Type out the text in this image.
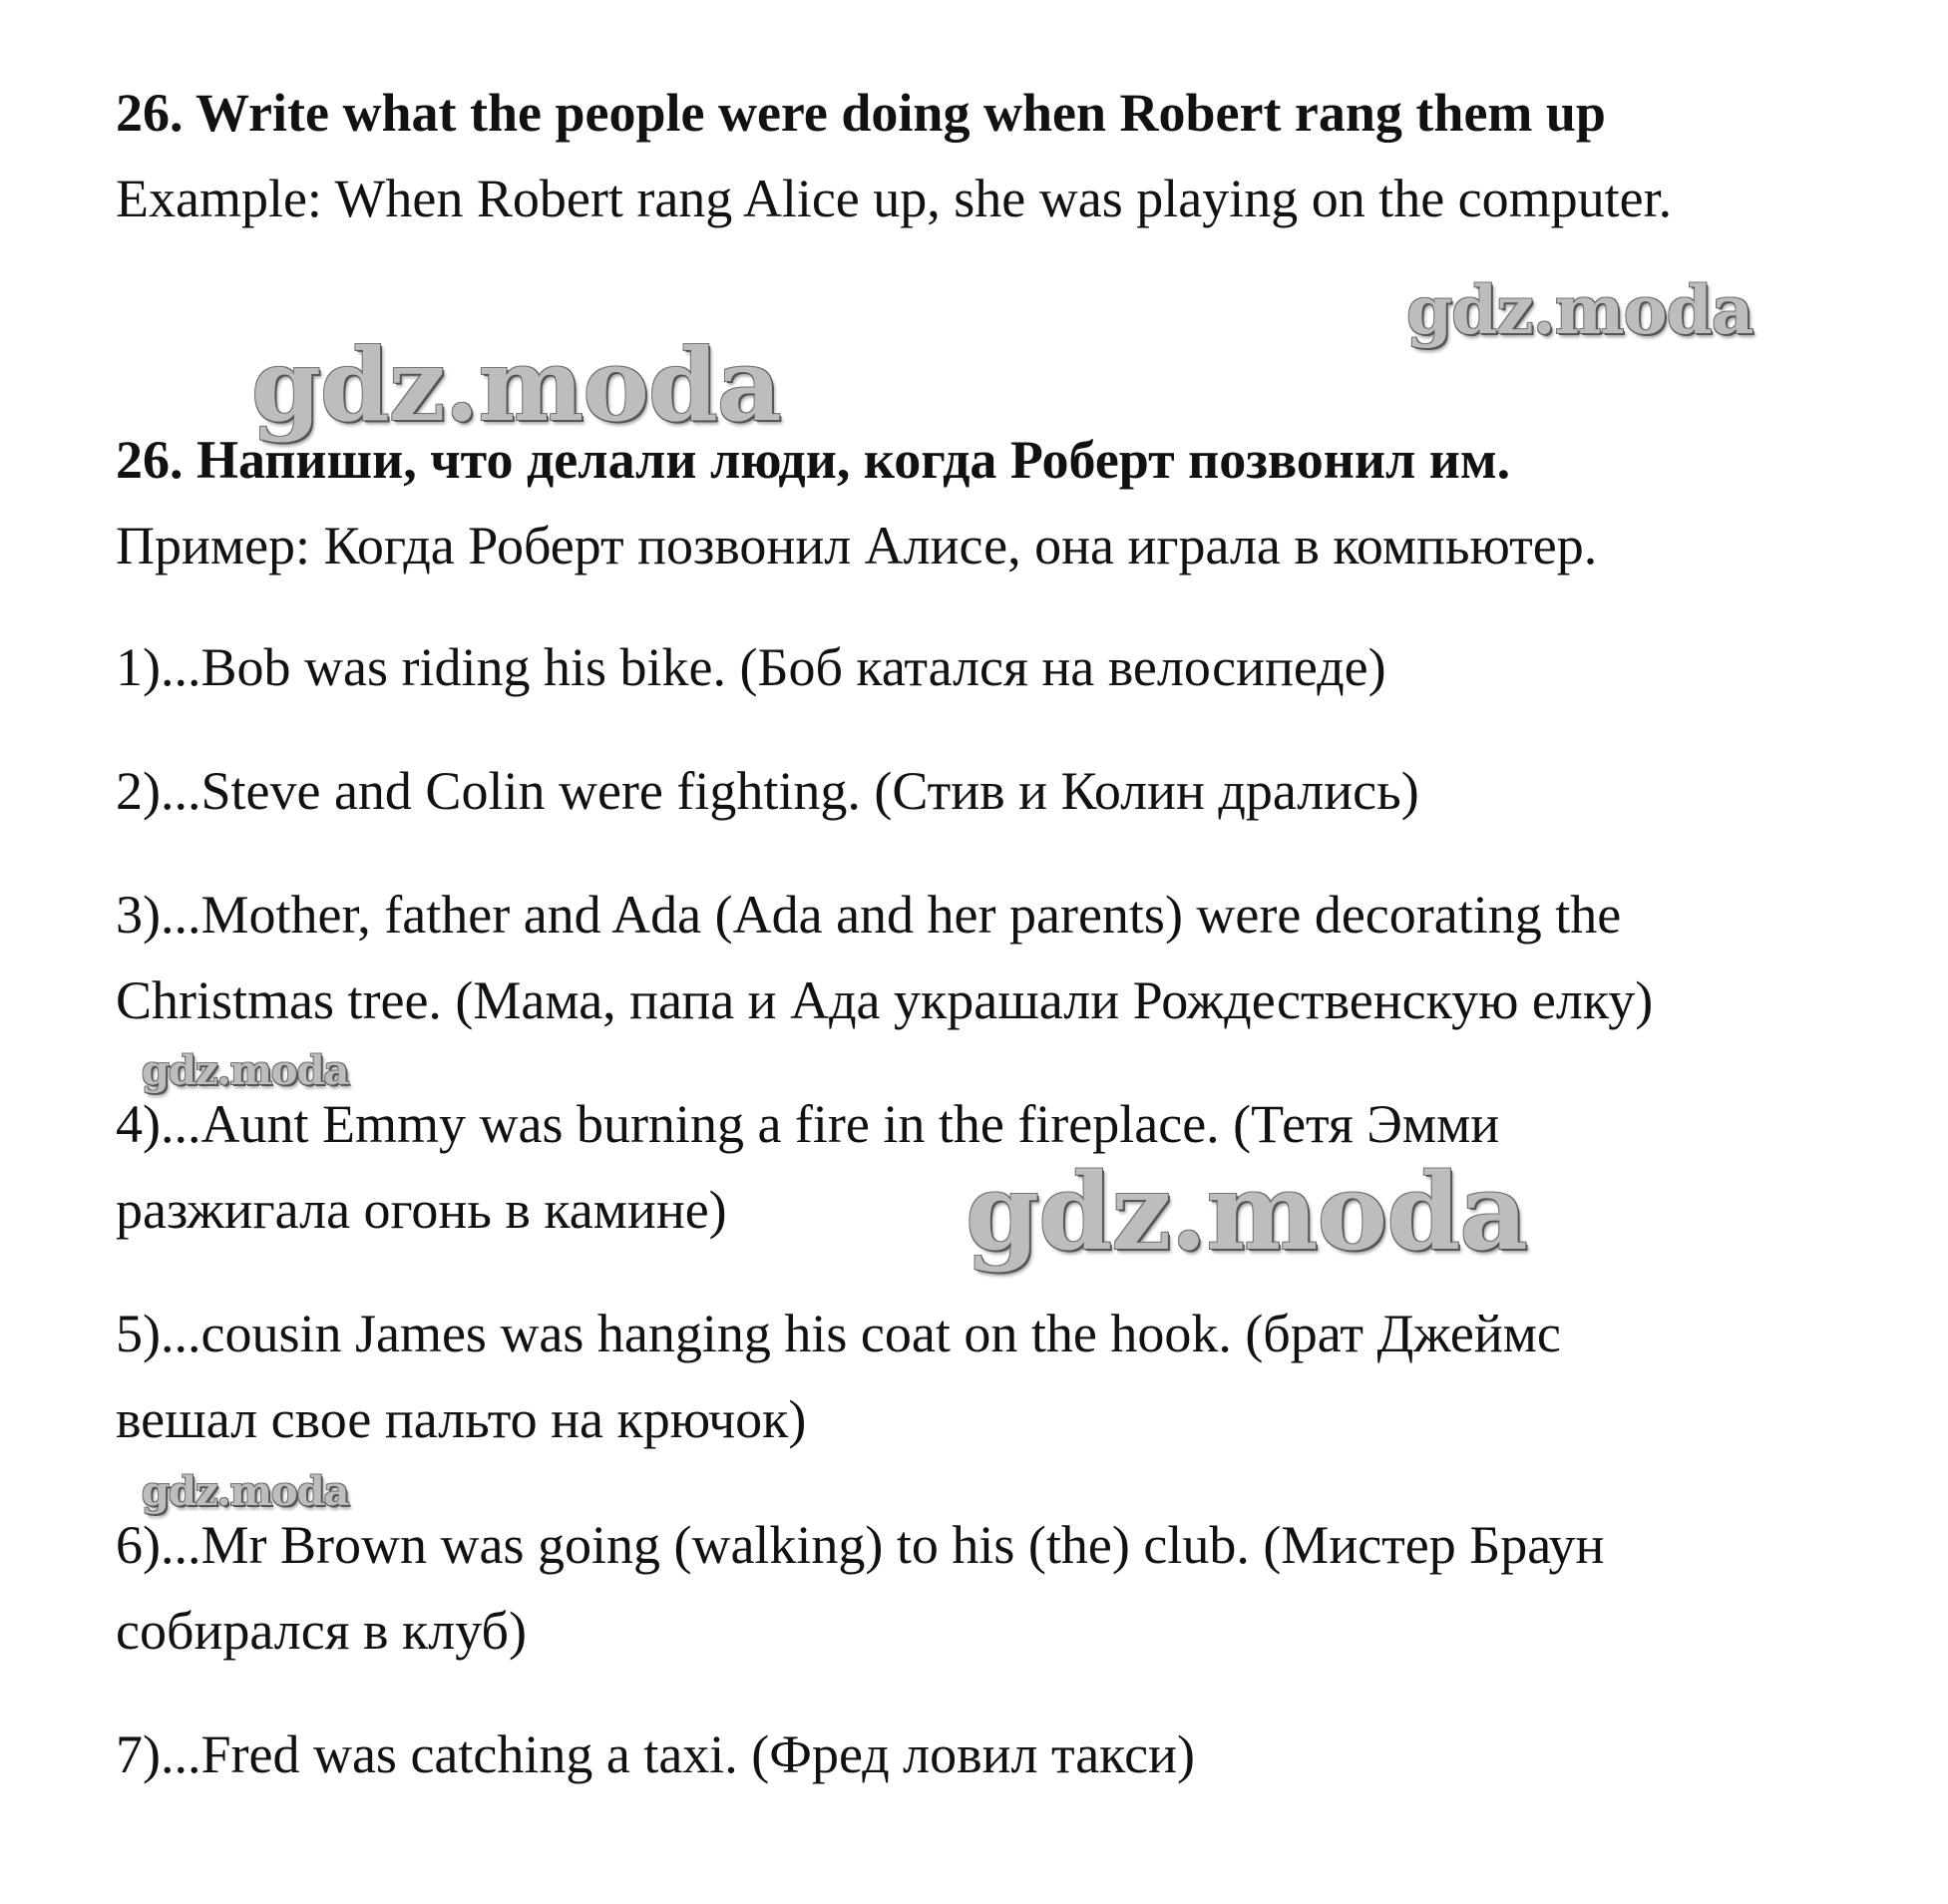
26. Write what the people were doing when Robert rang them up
Example: When Robert rang Alice up, she was playing on the computer.
gdz.moda
gdz.moda
gdz.moda
gdz.moda
gdz.moda
26. Напиши, что делали люди, когда Роберт позвонил им.
Пример: Когда Роберт позвонил Алисе, она играла в компьютер.
1)...Bob was riding his bike. (Боб катался на велосипеде)
2)...Steve and Colin were fighting. (Стив и Колин дрались)
3)...Mother, father and Ada (Ada and her parents) were decorating the
Christmas tree. (Мама, папа и Ада украшали Рождественскую елку)
4)...Aunt Emmy was burning a fire in the fireplace. (Тетя Эмми
разжигала огонь в камине)
5)...cousin James was hanging his coat on the hook. (брат Джеймс
вешал свое пальто на крючок)
6)...Mr Brown was going (walking) to his (the) club. (Мистер Браун
собирался в клуб)
7)...Fred was catching a taxi. (Фред ловил такси)
